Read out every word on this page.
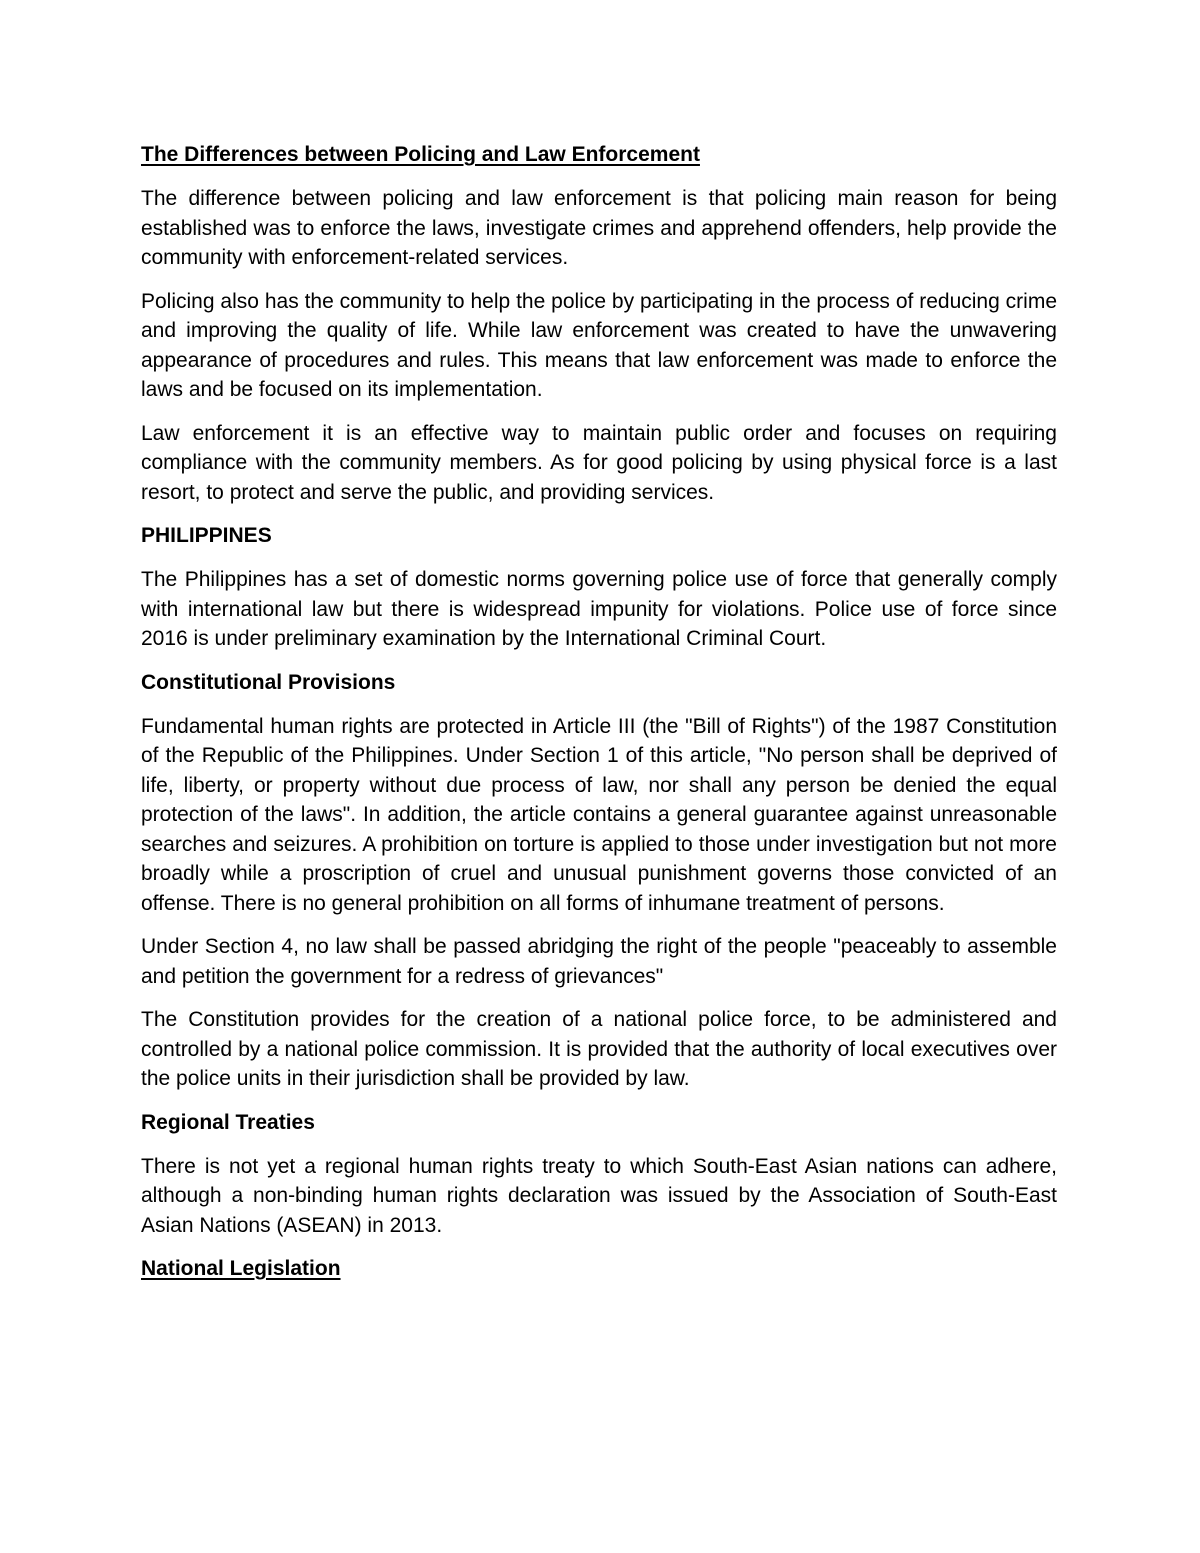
The Differences between Policing and Law Enforcement

The difference between policing and law enforcement is that policing main reason for being established was to enforce the laws, investigate crimes and apprehend offenders, help provide the community with enforcement-related services.

Policing also has the community to help the police by participating in the process of reducing crime and improving the quality of life. While law enforcement was created to have the unwavering appearance of procedures and rules. This means that law enforcement was made to enforce the laws and be focused on its implementation.

Law enforcement it is an effective way to maintain public order and focuses on requiring compliance with the community members. As for good policing by using physical force is a last resort, to protect and serve the public, and providing services.

PHILIPPINES

The Philippines has a set of domestic norms governing police use of force that generally comply with international law but there is widespread impunity for violations. Police use of force since 2016 is under preliminary examination by the International Criminal Court.

Constitutional Provisions

Fundamental human rights are protected in Article III (the "Bill of Rights") of the 1987 Constitution of the Republic of the Philippines. Under Section 1 of this article, "No person shall be deprived of life, liberty, or property without due process of law, nor shall any person be denied the equal protection of the laws". In addition, the article contains a general guarantee against unreasonable searches and seizures. A prohibition on torture is applied to those under investigation but not more broadly while a proscription of cruel and unusual punishment governs those convicted of an offense. There is no general prohibition on all forms of inhumane treatment of persons.

Under Section 4, no law shall be passed abridging the right of the people "peaceably to assemble and petition the government for a redress of grievances"

The Constitution provides for the creation of a national police force, to be administered and controlled by a national police commission. It is provided that the authority of local executives over the police units in their jurisdiction shall be provided by law.

Regional Treaties

There is not yet a regional human rights treaty to which South-East Asian nations can adhere, although a non-binding human rights declaration was issued by the Association of South-East Asian Nations (ASEAN) in 2013.

National Legislation
